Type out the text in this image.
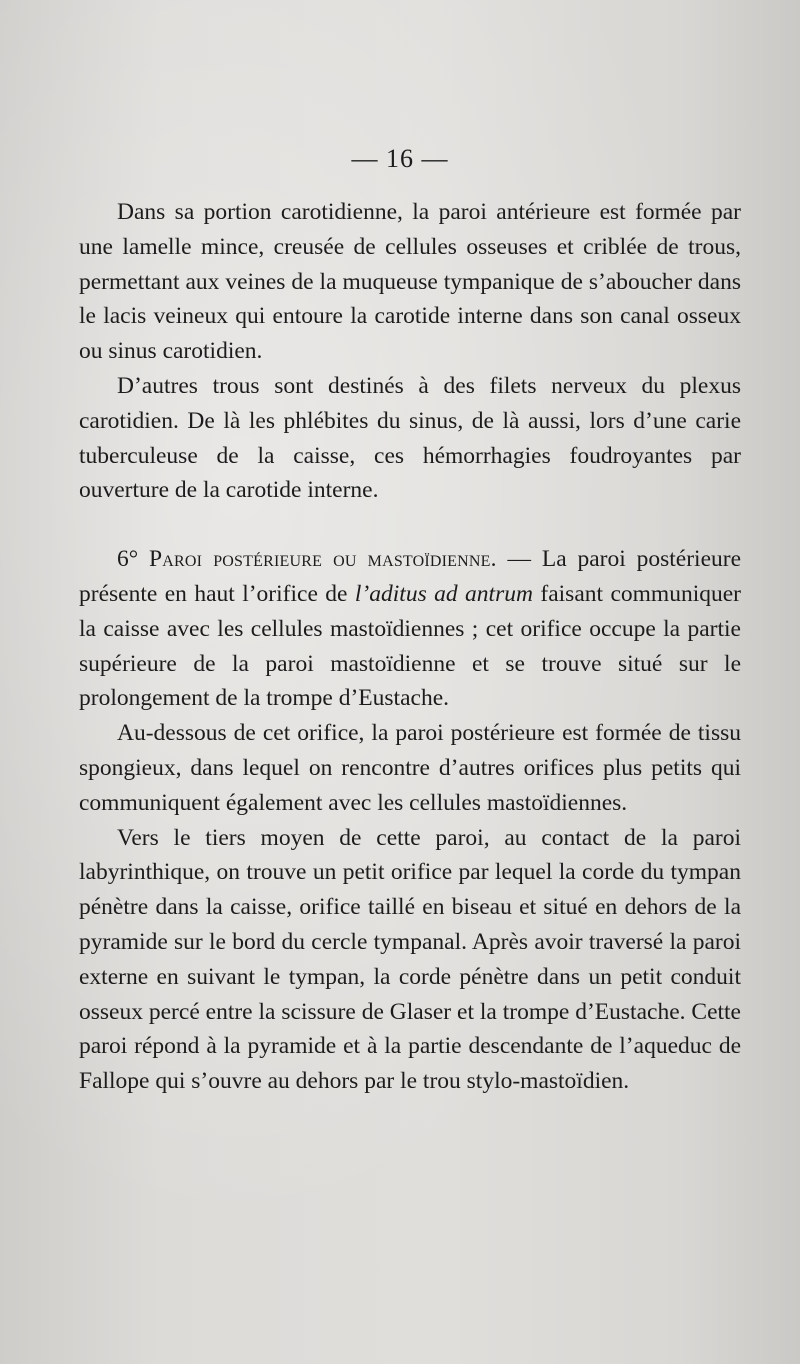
— 16 —

Dans sa portion carotidienne, la paroi antérieure est formée par une lamelle mince, creusée de cellules osseuses et criblée de trous, permettant aux veines de la muqueuse tympanique de s’aboucher dans le lacis veineux qui entoure la carotide interne dans son canal osseux ou sinus carotidien.

D’autres trous sont destinés à des filets nerveux du plexus carotidien. De là les phlébites du sinus, de là aussi, lors d’une carie tuberculeuse de la caisse, ces hémorrhagies foudroyantes par ouverture de la carotide interne.

6° Paroi postérieure ou mastoïdienne. — La paroi postérieure présente en haut l’orifice de l’aditus ad antrum faisant communiquer la caisse avec les cellules mastoïdiennes ; cet orifice occupe la partie supérieure de la paroi mastoïdienne et se trouve situé sur le prolongement de la trompe d’Eustache.

Au-dessous de cet orifice, la paroi postérieure est formée de tissu spongieux, dans lequel on rencontre d’autres orifices plus petits qui communiquent également avec les cellules mastoïdiennes.

Vers le tiers moyen de cette paroi, au contact de la paroi labyrinthique, on trouve un petit orifice par lequel la corde du tympan pénètre dans la caisse, orifice taillé en biseau et situé en dehors de la pyramide sur le bord du cercle tympanal. Après avoir traversé la paroi externe en suivant le tympan, la corde pénètre dans un petit conduit osseux percé entre la scissure de Glaser et la trompe d’Eustache. Cette paroi répond à la pyramide et à la partie descendante de l’aqueduc de Fallope qui s’ouvre au dehors par le trou stylo-mastoïdien.
